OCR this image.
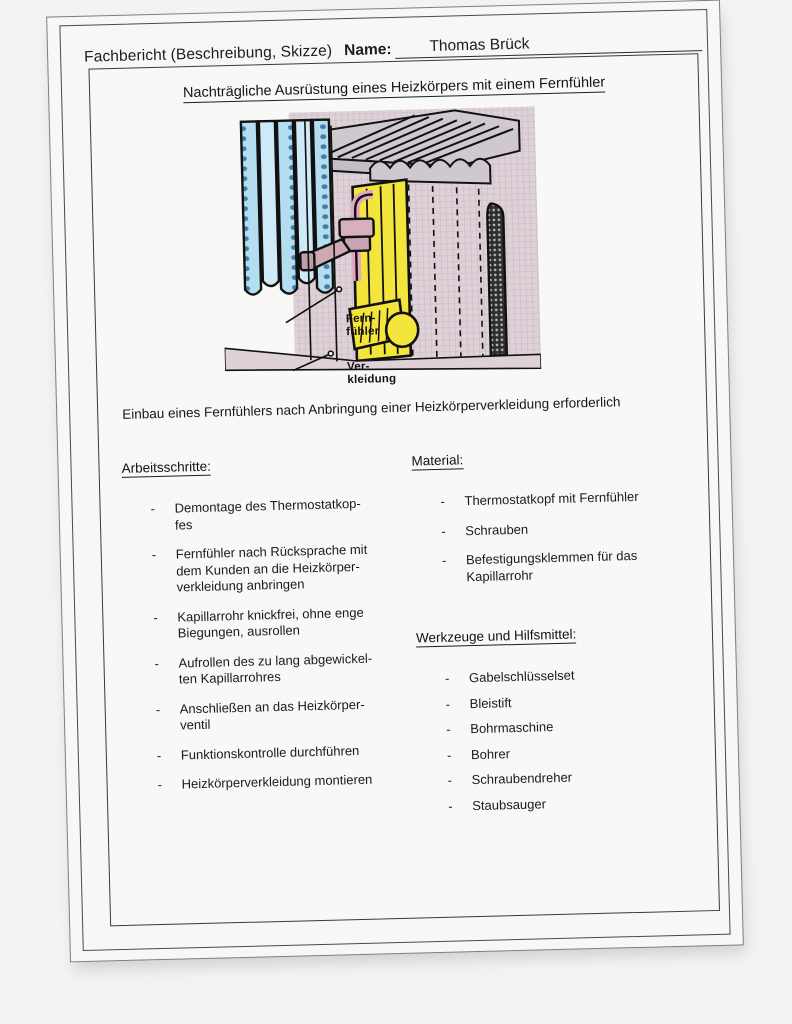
Fachbericht (Beschreibung, Skizze) Name:	Thomas Brück
Nachträgliche Ausrüstung eines Heizkörpers mit einem Fernfühler
Fern-
fühler
Ver-
kleidung
Einbau eines Fernfühlers nach Anbringung einer Heizkörperverkleidung erforderlich
Arbeitsschritte:
- Demontage des Thermostatkop-
fes
- Fernfühler nach Rücksprache mit
dem Kunden an die Heizkörper-
verkleidung anbringen
- Kapillarrohr knickfrei, ohne enge
Biegungen, ausrollen
- Aufrollen des zu lang abgewickel-
ten Kapillarrohres
- Anschließen an das Heizkörper-
ventil
- Funktionskontrolle durchführen
- Heizkörperverkleidung montieren
Material:
- Thermostatkopf mit Fernfühler
- Schrauben
- Befestigungsklemmen für das
Kapillarrohr
Werkzeuge und Hilfsmittel:
- Gabelschlüsselset
- Bleistift
- Bohrmaschine
- Bohrer
- Schraubendreher
- Staubsauger
